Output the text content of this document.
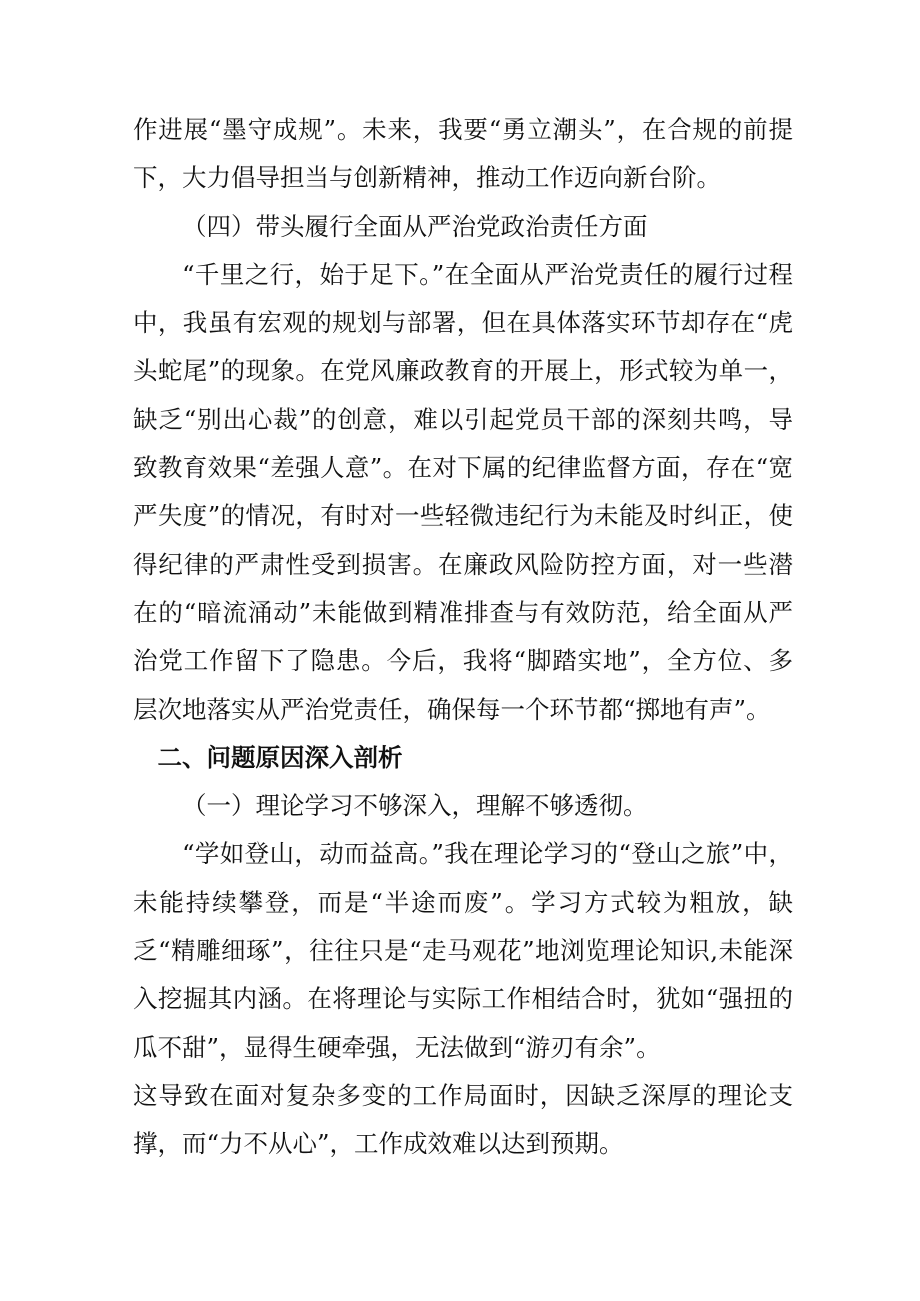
作进展“墨守成规”。未来，我要“勇立潮头”，在合规的前提下，大力倡导担当与创新精神，推动工作迈向新台阶。

（四）带头履行全面从严治党政治责任方面

“千里之行，始于足下。”在全面从严治党责任的履行过程中，我虽有宏观的规划与部署，但在具体落实环节却存在“虎头蛇尾”的现象。在党风廉政教育的开展上，形式较为单一，缺乏“别出心裁”的创意，难以引起党员干部的深刻共鸣，导致教育效果“差强人意”。在对下属的纪律监督方面，存在“宽严失度”的情况，有时对一些轻微违纪行为未能及时纠正，使得纪律的严肃性受到损害。在廉政风险防控方面，对一些潜在的“暗流涌动”未能做到精准排查与有效防范，给全面从严治党工作留下了隐患。今后，我将“脚踏实地”，全方位、多层次地落实从严治党责任，确保每一个环节都“掷地有声”。

二、问题原因深入剖析

（一）理论学习不够深入，理解不够透彻。

“学如登山，动而益高。”我在理论学习的“登山之旅”中，未能持续攀登，而是“半途而废”。学习方式较为粗放，缺乏“精雕细琢”，往往只是“走马观花”地浏览理论知识,未能深入挖掘其内涵。在将理论与实际工作相结合时，犹如“强扭的瓜不甜”，显得生硬牵强，无法做到“游刃有余”。

这导致在面对复杂多变的工作局面时，因缺乏深厚的理论支撑，而“力不从心”，工作成效难以达到预期。
